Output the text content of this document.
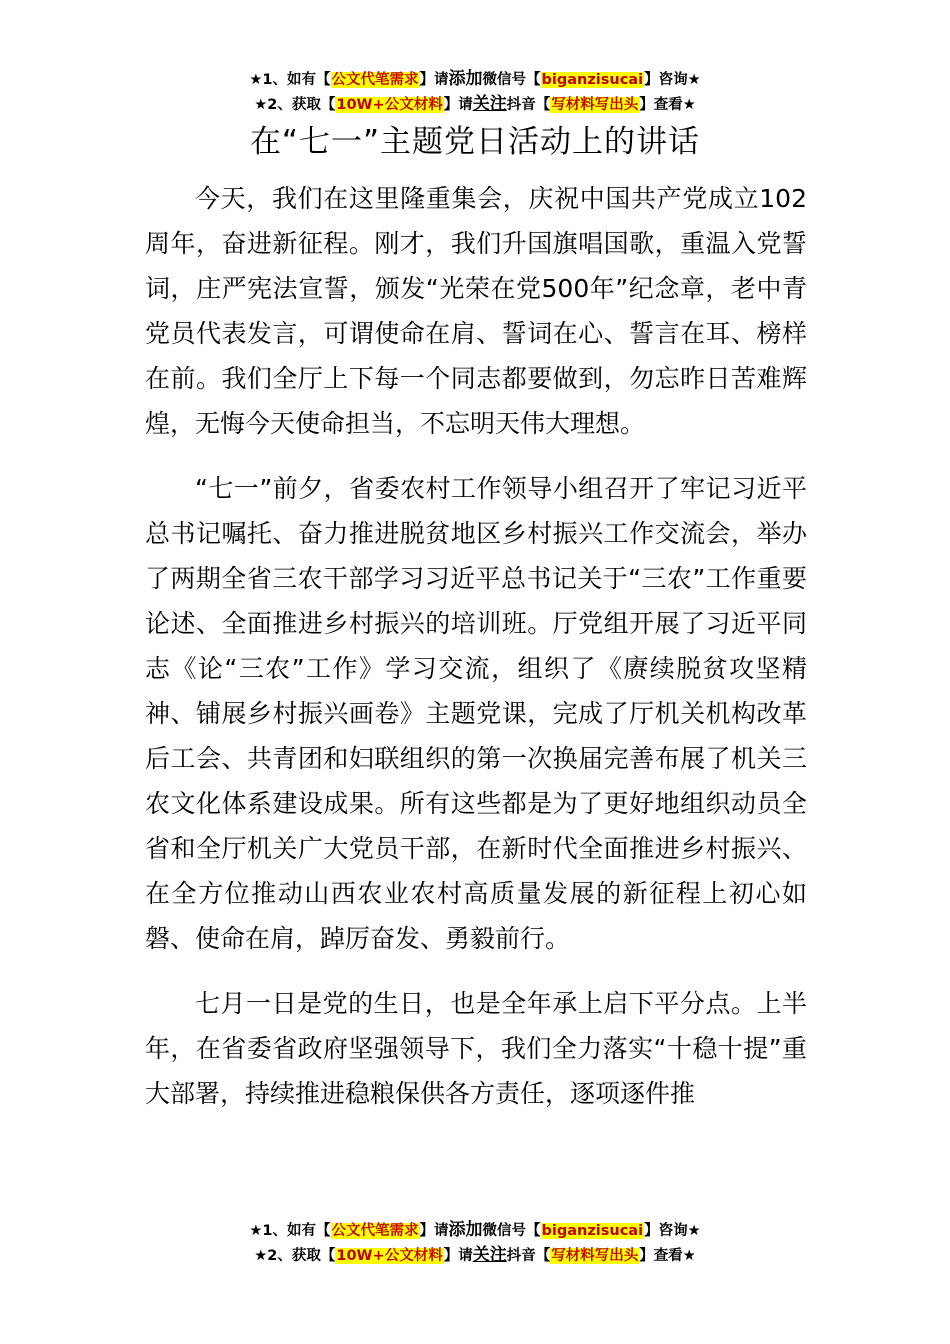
★1、如有【公文代笔需求】请添加微信号【biganzisucai】咨询★
★2、获取【10W+公文材料】请关注抖音【写材料写出头】查看★
在“七一”主题党日活动上的讲话

今天，我们在这里隆重集会，庆祝中国共产党成立102周年，奋进新征程。刚才，我们升国旗唱国歌，重温入党誓词，庄严宪法宣誓，颁发“光荣在党500年”纪念章，老中青党员代表发言，可谓使命在肩、誓词在心、誓言在耳、榜样在前。我们全厅上下每一个同志都要做到，勿忘昨日苦难辉煌，无悔今天使命担当，不忘明天伟大理想。

“七一”前夕，省委农村工作领导小组召开了牢记习近平总书记嘱托、奋力推进脱贫地区乡村振兴工作交流会，举办了两期全省三农干部学习习近平总书记关于“三农”工作重要论述、全面推进乡村振兴的培训班。厅党组开展了习近平同志《论“三农”工作》学习交流，组织了《赓续脱贫攻坚精神、铺展乡村振兴画卷》主题党课，完成了厅机关机构改革后工会、共青团和妇联组织的第一次换届完善布展了机关三农文化体系建设成果。所有这些都是为了更好地组织动员全省和全厅机关广大党员干部，在新时代全面推进乡村振兴、在全方位推动山西农业农村高质量发展的新征程上初心如磐、使命在肩，踔厉奋发、勇毅前行。

七月一日是党的生日，也是全年承上启下平分点。上半年，在省委省政府坚强领导下，我们全力落实“十稳十提”重大部署，持续推进稳粮保供各方责任，逐项逐件推

★1、如有【公文代笔需求】请添加微信号【biganzisucai】咨询★
★2、获取【10W+公文材料】请关注抖音【写材料写出头】查看★
